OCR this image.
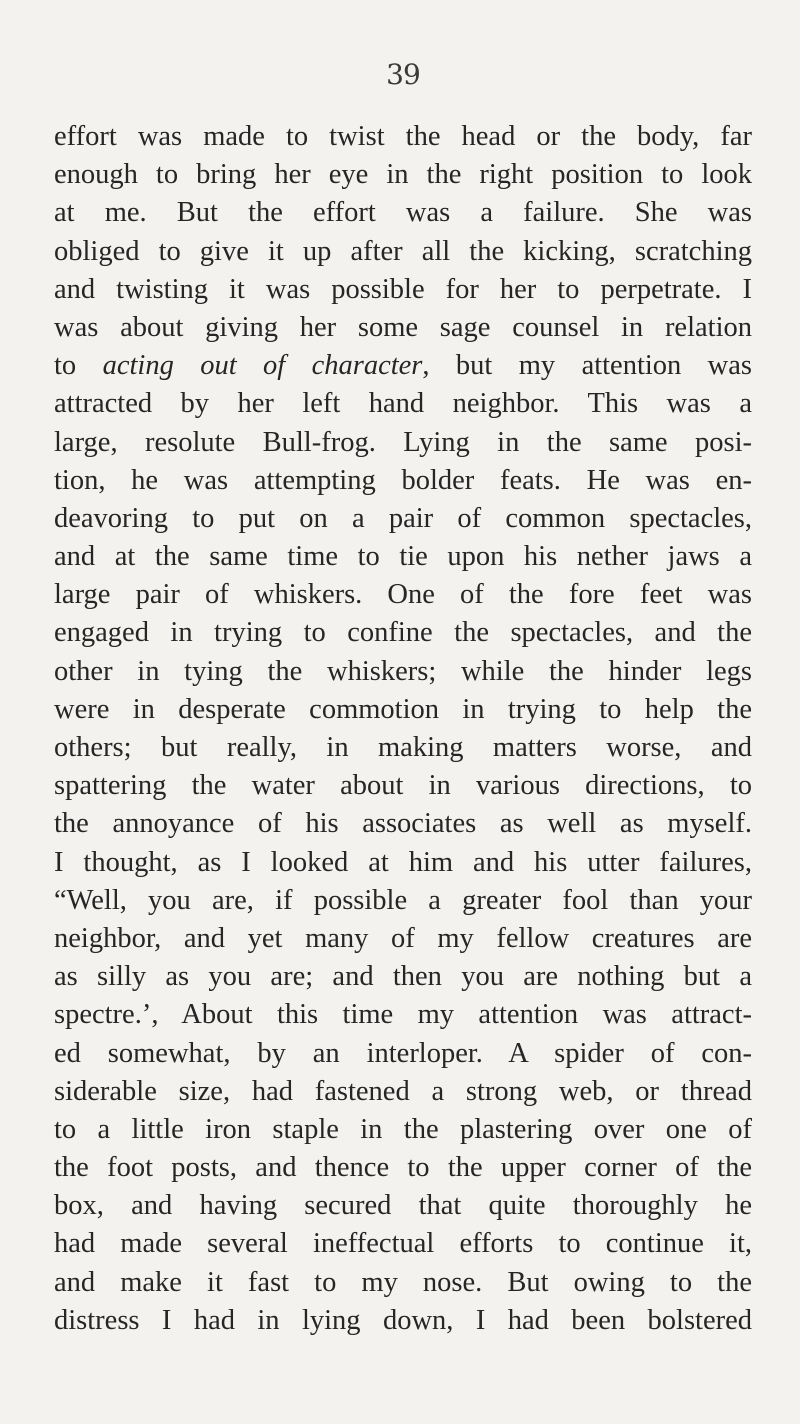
39
effort was made to twist the head or the body, far
enough to bring her eye in the right position to look
at me. But the effort was a failure. She was
obliged to give it up after all the kicking, scratching
and twisting it was possible for her to perpetrate. I
was about giving her some sage counsel in relation
to acting out of character, but my attention was
attracted by her left hand neighbor. This was a
large, resolute Bull-frog. Lying in the same posi-
tion, he was attempting bolder feats. He was en-
deavoring to put on a pair of common spectacles,
and at the same time to tie upon his nether jaws a
large pair of whiskers. One of the fore feet was
engaged in trying to confine the spectacles, and the
other in tying the whiskers; while the hinder legs
were in desperate commotion in trying to help the
others; but really, in making matters worse, and
spattering the water about in various directions, to
the annoyance of his associates as well as myself.
I thought, as I looked at him and his utter failures,
“Well, you are, if possible a greater fool than your
neighbor, and yet many of my fellow creatures are
as silly as you are; and then you are nothing but a
spectre.’, About this time my attention was attract-
ed somewhat, by an interloper. A spider of con-
siderable size, had fastened a strong web, or thread
to a little iron staple in the plastering over one of
the foot posts, and thence to the upper corner of the
box, and having secured that quite thoroughly he
had made several ineffectual efforts to continue it,
and make it fast to my nose. But owing to the
distress I had in lying down, I had been bolstered
